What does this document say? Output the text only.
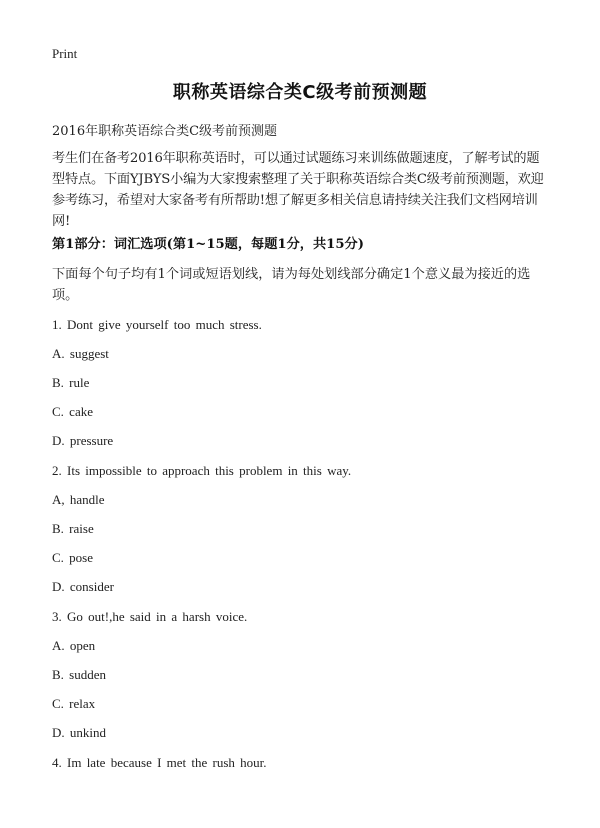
Print
职称英语综合类C级考前预测题
2016年职称英语综合类C级考前预测题
考生们在备考2016年职称英语时，可以通过试题练习来训练做题速度，了解考试的题型特点。下面YJBYS小编为大家搜索整理了关于职称英语综合类C级考前预测题，欢迎参考练习，希望对大家备考有所帮助!想了解更多相关信息请持续关注我们文档网培训网!
第1部分：词汇选项(第1~15题，每题1分，共15分)
下面每个句子均有1个词或短语划线，请为每处划线部分确定1个意义最为接近的选项。
1. Dont give yourself too much stress.
A. suggest
B. rule
C. cake
D. pressure
2. Its impossible to approach this problem in this way.
A, handle
B. raise
C. pose
D. consider
3. Go out!,he said in a harsh voice.
A. open
B. sudden
C. relax
D. unkind
4. Im late because I met the rush hour.
